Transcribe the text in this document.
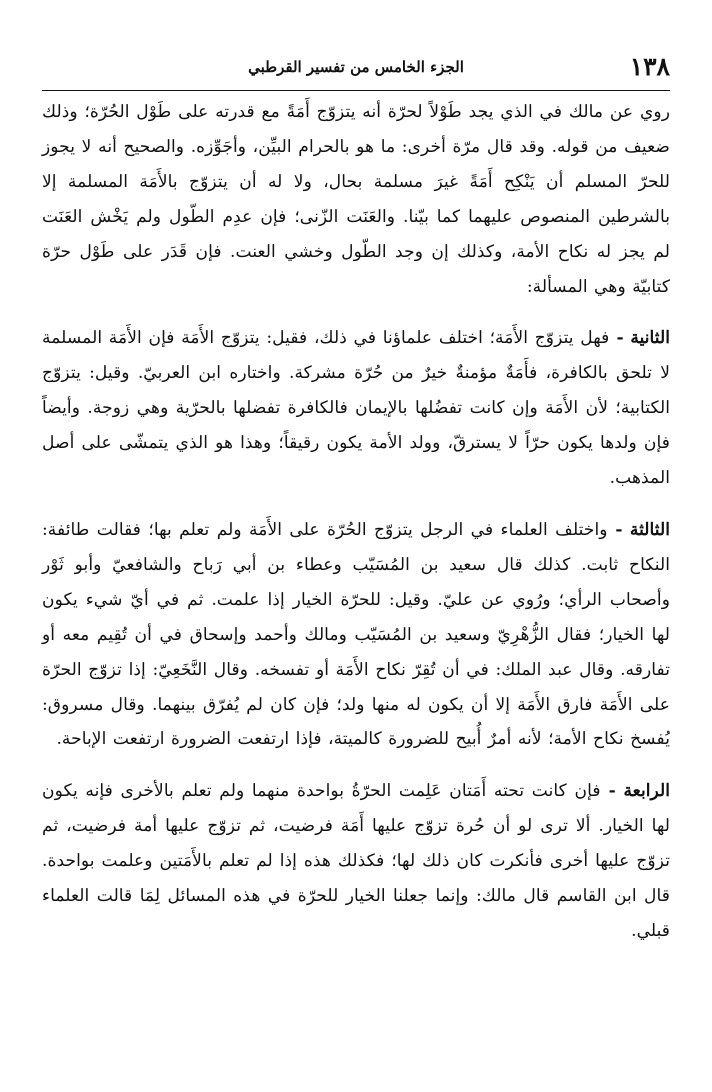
١٣٨
الجزء الخامس من تفسير القرطبي

روي عن مالك في الذي يجد طَوْلاً لحرّة أنه يتزوّج أَمَةً مع قدرته على طَوْل الحُرّة؛ وذلك ضعيف من قوله. وقد قال مرّة أخرى: ما هو بالحرام البيِّن، وأجَوِّزه. والصحيح أنه لا يجوز للحرّ المسلم أن يَنْكِح أَمَةً غيرَ مسلمة بحال، ولا له أن يتزوّج بالأَمَة المسلمة إلا بالشرطين المنصوص عليهما كما بيّنا. والعَنَت الزّنى؛ فإن عدِم الطّول ولم يَخْش العَنَت لم يجز له نكاح الأمة، وكذلك إن وجد الطّول وخشي العنت. فإن قَدَر على طَوْل حرّة كتابيّة وهي المسألة:

الثانية - فهل يتزوّج الأَمَة؛ اختلف علماؤنا في ذلك، فقيل: يتزوّج الأَمَة فإن الأَمَة المسلمة لا تلحق بالكافرة، فأَمَةٌ مؤمنةٌ خيرٌ من حُرّة مشركة. واختاره ابن العربيّ. وقيل: يتزوّج الكتابية؛ لأن الأَمَة وإن كانت تفضُلها بالإيمان فالكافرة تفضلها بالحرّية وهي زوجة. وأيضاً فإن ولدها يكون حرّاً لا يسترقّ، وولد الأمة يكون رقيقاً؛ وهذا هو الذي يتمشّى على أصل المذهب.

الثالثة - واختلف العلماء في الرجل يتزوّج الحُرّة على الأَمَة ولم تعلم بها؛ فقالت طائفة: النكاح ثابت. كذلك قال سعيد بن المُسَيّب وعطاء بن أبي رَباح والشافعيّ وأبو ثَوْر وأصحاب الرأي؛ ورُوي عن عليّ. وقيل: للحرّة الخيار إذا علمت. ثم في أيّ شيء يكون لها الخيار؛ فقال الزُّهْرِيّ وسعيد بن المُسَيّب ومالك وأحمد وإسحاق في أن تُقِيم معه أو تفارقه. وقال عبد الملك: في أن تُقِرّ نكاح الأَمَة أو تفسخه. وقال النَّخَعِيّ: إذا تزوّج الحرّة على الأَمَة فارق الأَمَة إلا أن يكون له منها ولد؛ فإن كان لم يُفرّق بينهما. وقال مسروق: يُفسخ نكاح الأمة؛ لأنه أمرٌ أُبيح للضرورة كالميتة، فإذا ارتفعت الضرورة ارتفعت الإباحة.

الرابعة - فإن كانت تحته أَمَتان عَلِمت الحرّةُ بواحدة منهما ولم تعلم بالأخرى فإنه يكون لها الخيار. ألا ترى لو أن حُرة تزوّج عليها أَمَة فرضيت، ثم تزوّج عليها أمة فرضيت، ثم تزوّج عليها أخرى فأنكرت كان ذلك لها؛ فكذلك هذه إذا لم تعلم بالأَمَتين وعلمت بواحدة. قال ابن القاسم قال مالك: وإنما جعلنا الخيار للحرّة في هذه المسائل لِمَا قالت العلماء قبلي.
